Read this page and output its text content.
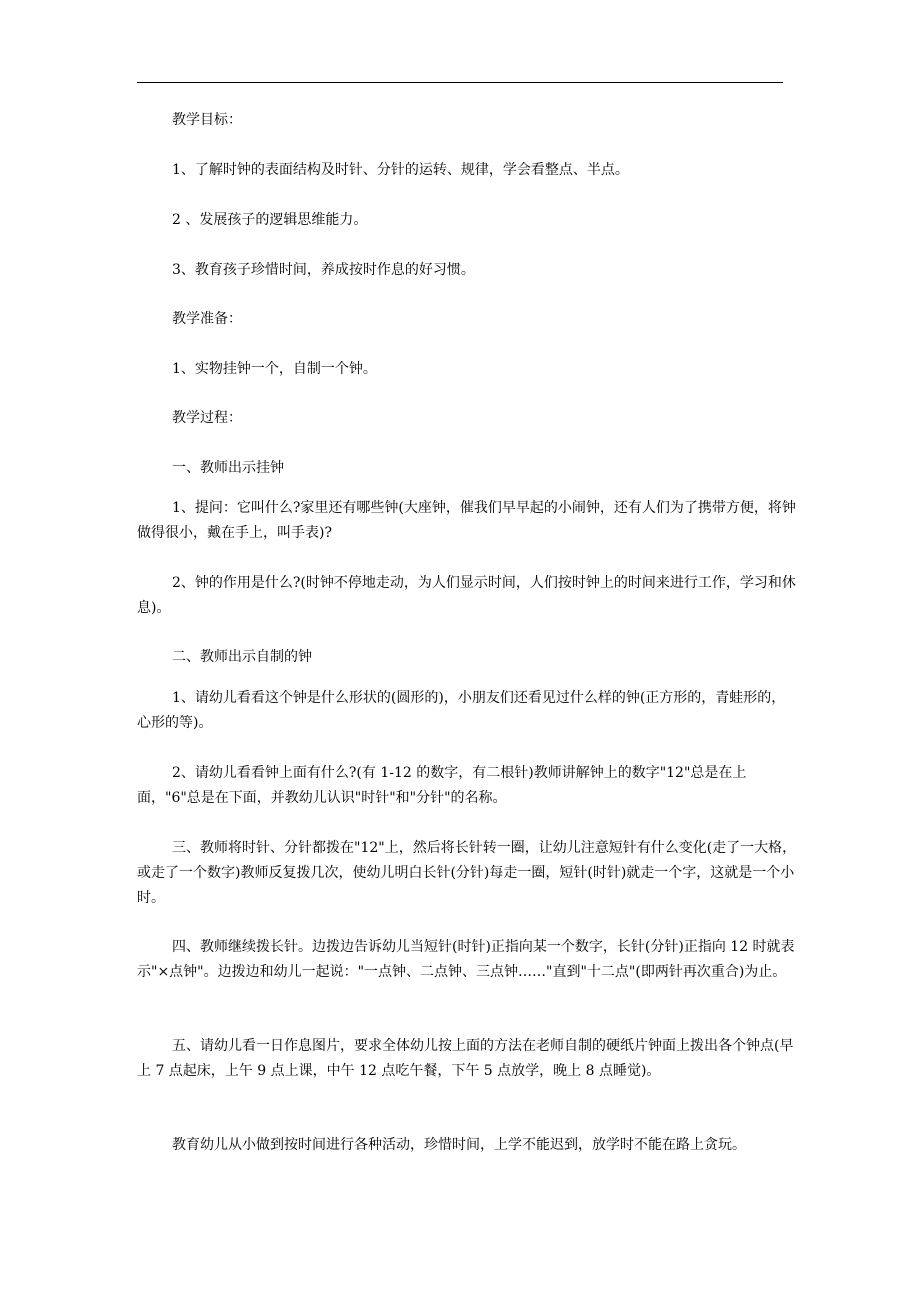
教学目标：

1、了解时钟的表面结构及时针、分针的运转、规律，学会看整点、半点。

2 、发展孩子的逻辑思维能力。

3、教育孩子珍惜时间，养成按时作息的好习惯。

教学准备：

1、实物挂钟一个，自制一个钟。

教学过程：

一、教师出示挂钟

1、提问：它叫什么?家里还有哪些钟(大座钟，催我们早早起的小闹钟，还有人们为了携带方便，将钟做得很小，戴在手上，叫手表)?

2、钟的作用是什么?(时钟不停地走动，为人们显示时间，人们按时钟上的时间来进行工作，学习和休息)。

二、教师出示自制的钟

1、请幼儿看看这个钟是什么形状的(圆形的)，小朋友们还看见过什么样的钟(正方形的，青蛙形的，心形的等)。

2、请幼儿看看钟上面有什么?(有 1-12 的数字，有二根针)教师讲解钟上的数字"12"总是在上面，"6"总是在下面，并教幼儿认识"时针"和"分针"的名称。

三、教师将时针、分针都拨在"12"上，然后将长针转一圈，让幼儿注意短针有什么变化(走了一大格，或走了一个数字)教师反复拨几次，使幼儿明白长针(分针)每走一圈，短针(时针)就走一个字，这就是一个小时。

四、教师继续拨长针。边拨边告诉幼儿当短针(时针)正指向某一个数字，长针(分针)正指向 12 时就表示"×点钟"。边拨边和幼儿一起说："一点钟、二点钟、三点钟……"直到"十二点"(即两针再次重合)为止。

五、请幼儿看一日作息图片，要求全体幼儿按上面的方法在老师自制的硬纸片钟面上拨出各个钟点(早上 7 点起床，上午 9 点上课，中午 12 点吃午餐，下午 5 点放学，晚上 8 点睡觉)。

教育幼儿从小做到按时间进行各种活动，珍惜时间，上学不能迟到，放学时不能在路上贪玩。
